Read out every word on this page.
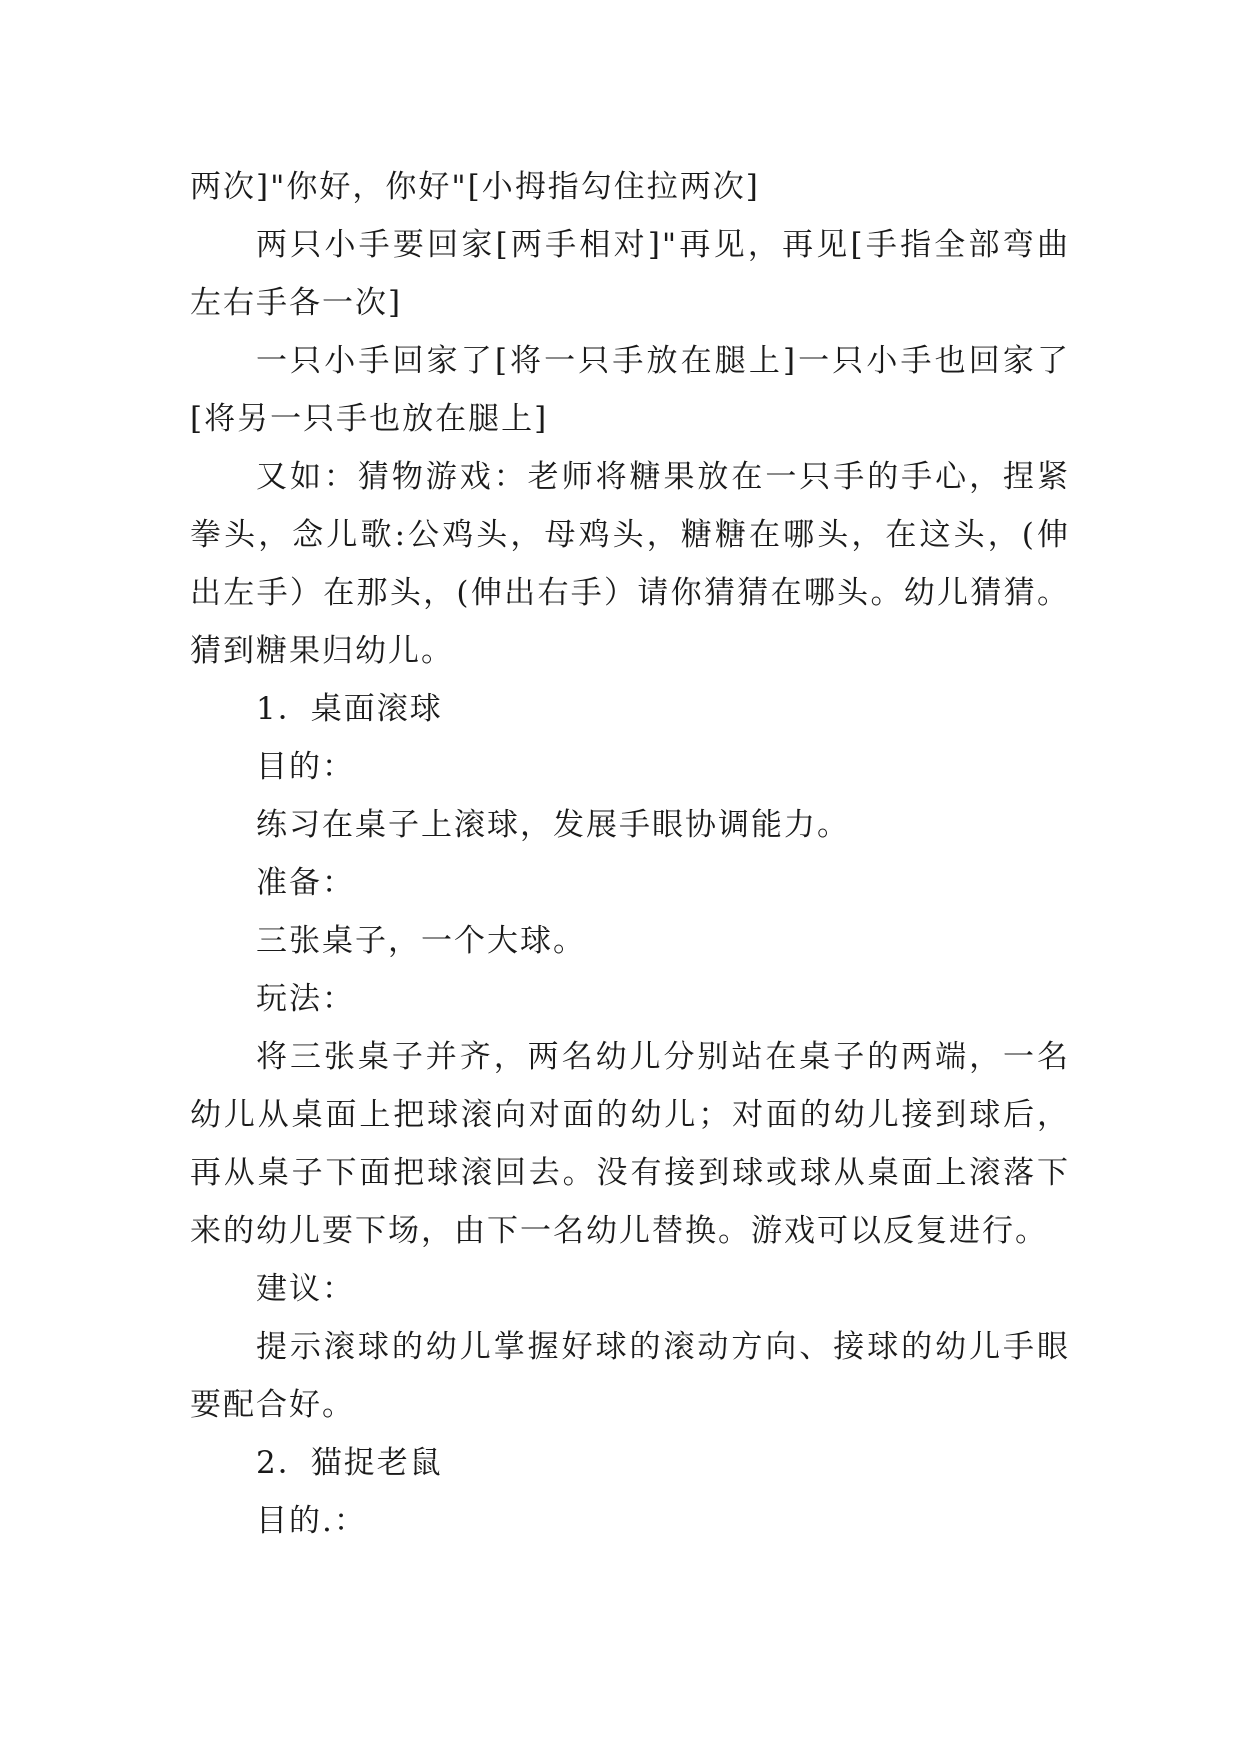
两次]"你好，你好"[小拇指勾住拉两次]

两只小手要回家[两手相对]"再见，再见[手指全部弯曲左右手各一次]

一只小手回家了[将一只手放在腿上]一只小手也回家了[将另一只手也放在腿上]

又如：猜物游戏：老师将糖果放在一只手的手心，捏紧拳头，念儿歌:公鸡头，母鸡头，糖糖在哪头，在这头，(伸出左手）在那头，(伸出右手）请你猜猜在哪头。幼儿猜猜。猜到糖果归幼儿。

1．桌面滚球

目的：

练习在桌子上滚球，发展手眼协调能力。

准备：

三张桌子，一个大球。

玩法：

将三张桌子并齐，两名幼儿分别站在桌子的两端，一名幼儿从桌面上把球滚向对面的幼儿；对面的幼儿接到球后，再从桌子下面把球滚回去。没有接到球或球从桌面上滚落下来的幼儿要下场，由下一名幼儿替换。游戏可以反复进行。

建议：

提示滚球的幼儿掌握好球的滚动方向、接球的幼儿手眼要配合好。

2．猫捉老鼠

目的.：
